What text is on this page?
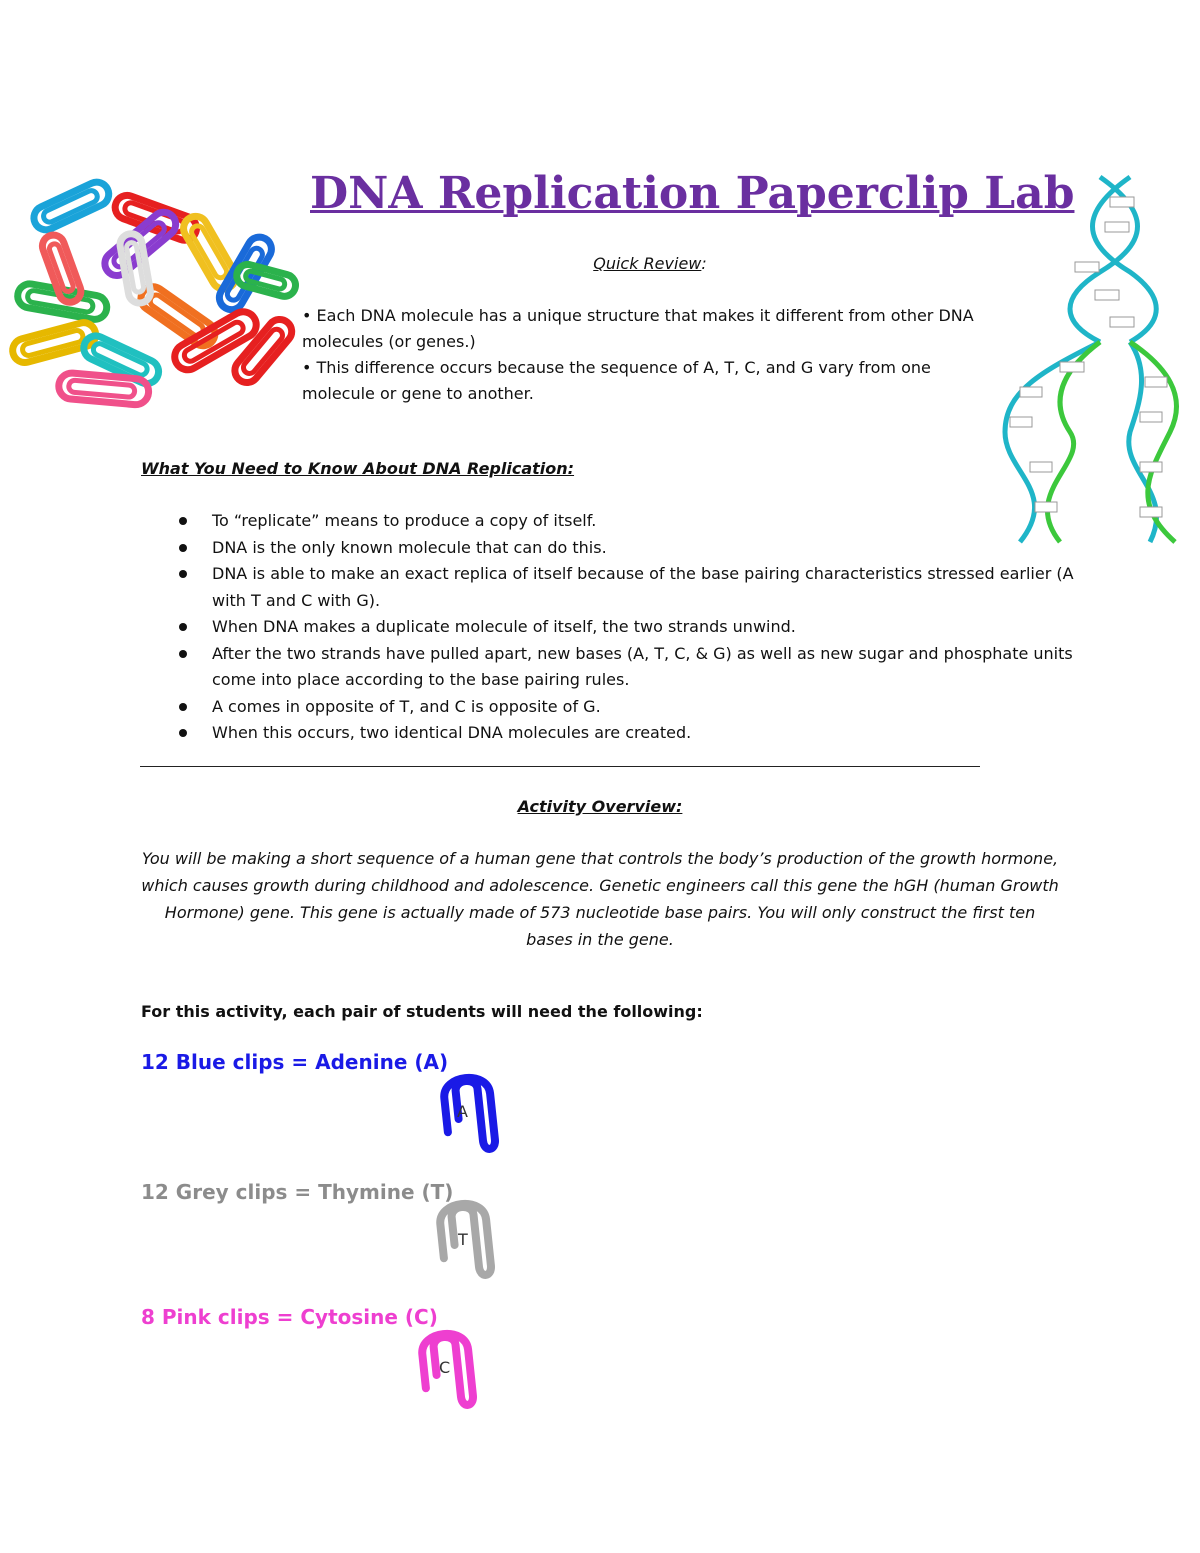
DNA Replication Paperclip Lab
Quick Review:
• Each DNA molecule has a unique structure that makes it different from other DNA molecules (or genes.)
• This difference occurs because the sequence of A, T, C, and G vary from one molecule or gene to another.
What You Need to Know About DNA Replication:
To “replicate” means to produce a copy of itself.
DNA is the only known molecule that can do this.
DNA is able to make an exact replica of itself because of the base pairing characteristics stressed earlier (A with T and C with G).
When DNA makes a duplicate molecule of itself, the two strands unwind.
After the two strands have pulled apart, new bases (A, T, C, & G) as well as new sugar and phosphate units come into place according to the base pairing rules.
A comes in opposite of T, and C is opposite of G.
When this occurs, two identical DNA molecules are created.
Activity Overview:
You will be making a short sequence of a human gene that controls the body’s production of the growth hormone, which causes growth during childhood and adolescence. Genetic engineers call this gene the hGH (human Growth Hormone) gene. This gene is actually made of 573 nucleotide base pairs. You will only construct the first ten bases in the gene.
For this activity, each pair of students will need the following:
12 Blue clips = Adenine (A)
A
12 Grey clips = Thymine (T)
T
8 Pink clips = Cytosine (C)
C
